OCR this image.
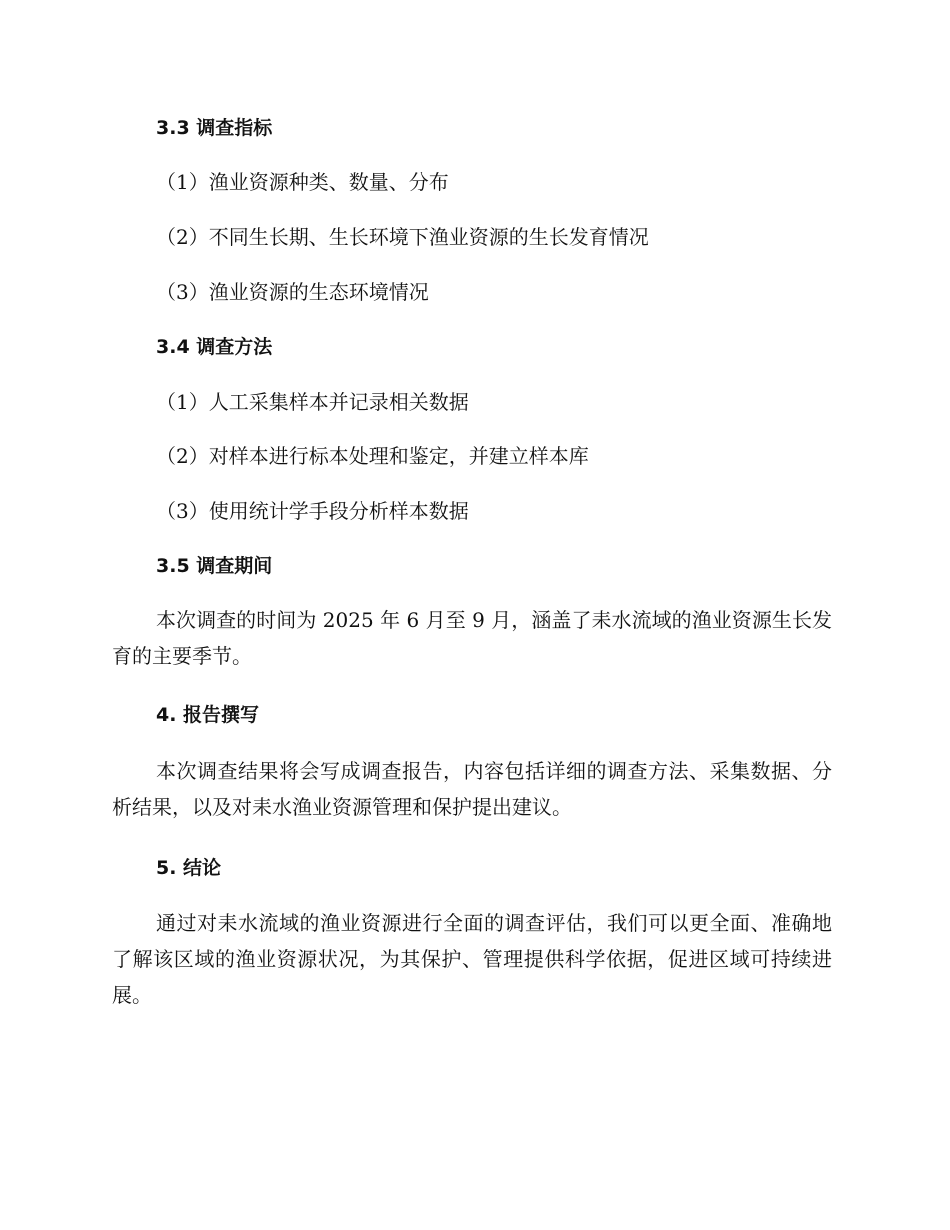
3.3 调查指标
（1）渔业资源种类、数量、分布
（2）不同生长期、生长环境下渔业资源的生长发育情况
（3）渔业资源的生态环境情况
3.4 调查方法
（1）人工采集样本并记录相关数据
（2）对样本进行标本处理和鉴定，并建立样本库
（3）使用统计学手段分析样本数据
3.5 调查期间
本次调查的时间为 2025 年 6 月至 9 月，涵盖了耒水流域的渔业资源生长发育的主要季节。
4. 报告撰写
本次调查结果将会写成调查报告，内容包括详细的调查方法、采集数据、分析结果，以及对耒水渔业资源管理和保护提出建议。
5. 结论
通过对耒水流域的渔业资源进行全面的调查评估，我们可以更全面、准确地了解该区域的渔业资源状况，为其保护、管理提供科学依据，促进区域可持续进展。
